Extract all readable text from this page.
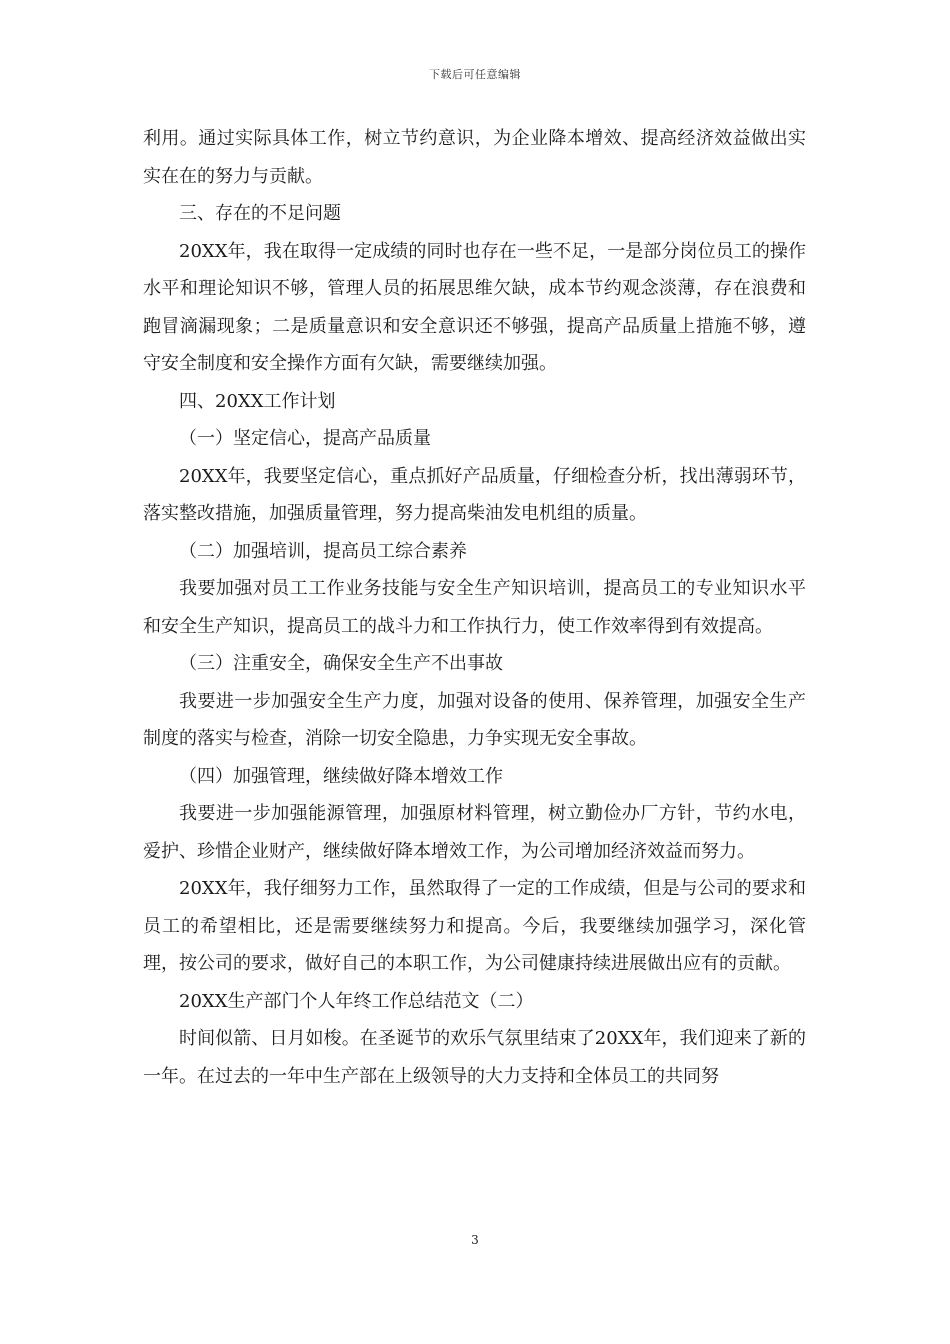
下载后可任意编辑

利用。通过实际具体工作，树立节约意识，为企业降本增效、提高经济效益做出实实在在的努力与贡献。

三、存在的不足问题

20XX年，我在取得一定成绩的同时也存在一些不足，一是部分岗位员工的操作水平和理论知识不够，管理人员的拓展思维欠缺，成本节约观念淡薄，存在浪费和跑冒滴漏现象；二是质量意识和安全意识还不够强，提高产品质量上措施不够，遵守安全制度和安全操作方面有欠缺，需要继续加强。

四、20XX工作计划

（一）坚定信心，提高产品质量

20XX年，我要坚定信心，重点抓好产品质量，仔细检查分析，找出薄弱环节，落实整改措施，加强质量管理，努力提高柴油发电机组的质量。

（二）加强培训，提高员工综合素养

我要加强对员工工作业务技能与安全生产知识培训，提高员工的专业知识水平和安全生产知识，提高员工的战斗力和工作执行力，使工作效率得到有效提高。

（三）注重安全，确保安全生产不出事故

我要进一步加强安全生产力度，加强对设备的使用、保养管理，加强安全生产制度的落实与检查，消除一切安全隐患，力争实现无安全事故。

（四）加强管理，继续做好降本增效工作

我要进一步加强能源管理，加强原材料管理，树立勤俭办厂方针，节约水电，爱护、珍惜企业财产，继续做好降本增效工作，为公司增加经济效益而努力。

20XX年，我仔细努力工作，虽然取得了一定的工作成绩，但是与公司的要求和员工的希望相比，还是需要继续努力和提高。今后，我要继续加强学习，深化管理，按公司的要求，做好自己的本职工作，为公司健康持续进展做出应有的贡献。

20XX生产部门个人年终工作总结范文（二）

时间似箭、日月如梭。在圣诞节的欢乐气氛里结束了20XX年，我们迎来了新的一年。在过去的一年中生产部在上级领导的大力支持和全体员工的共同努

3
